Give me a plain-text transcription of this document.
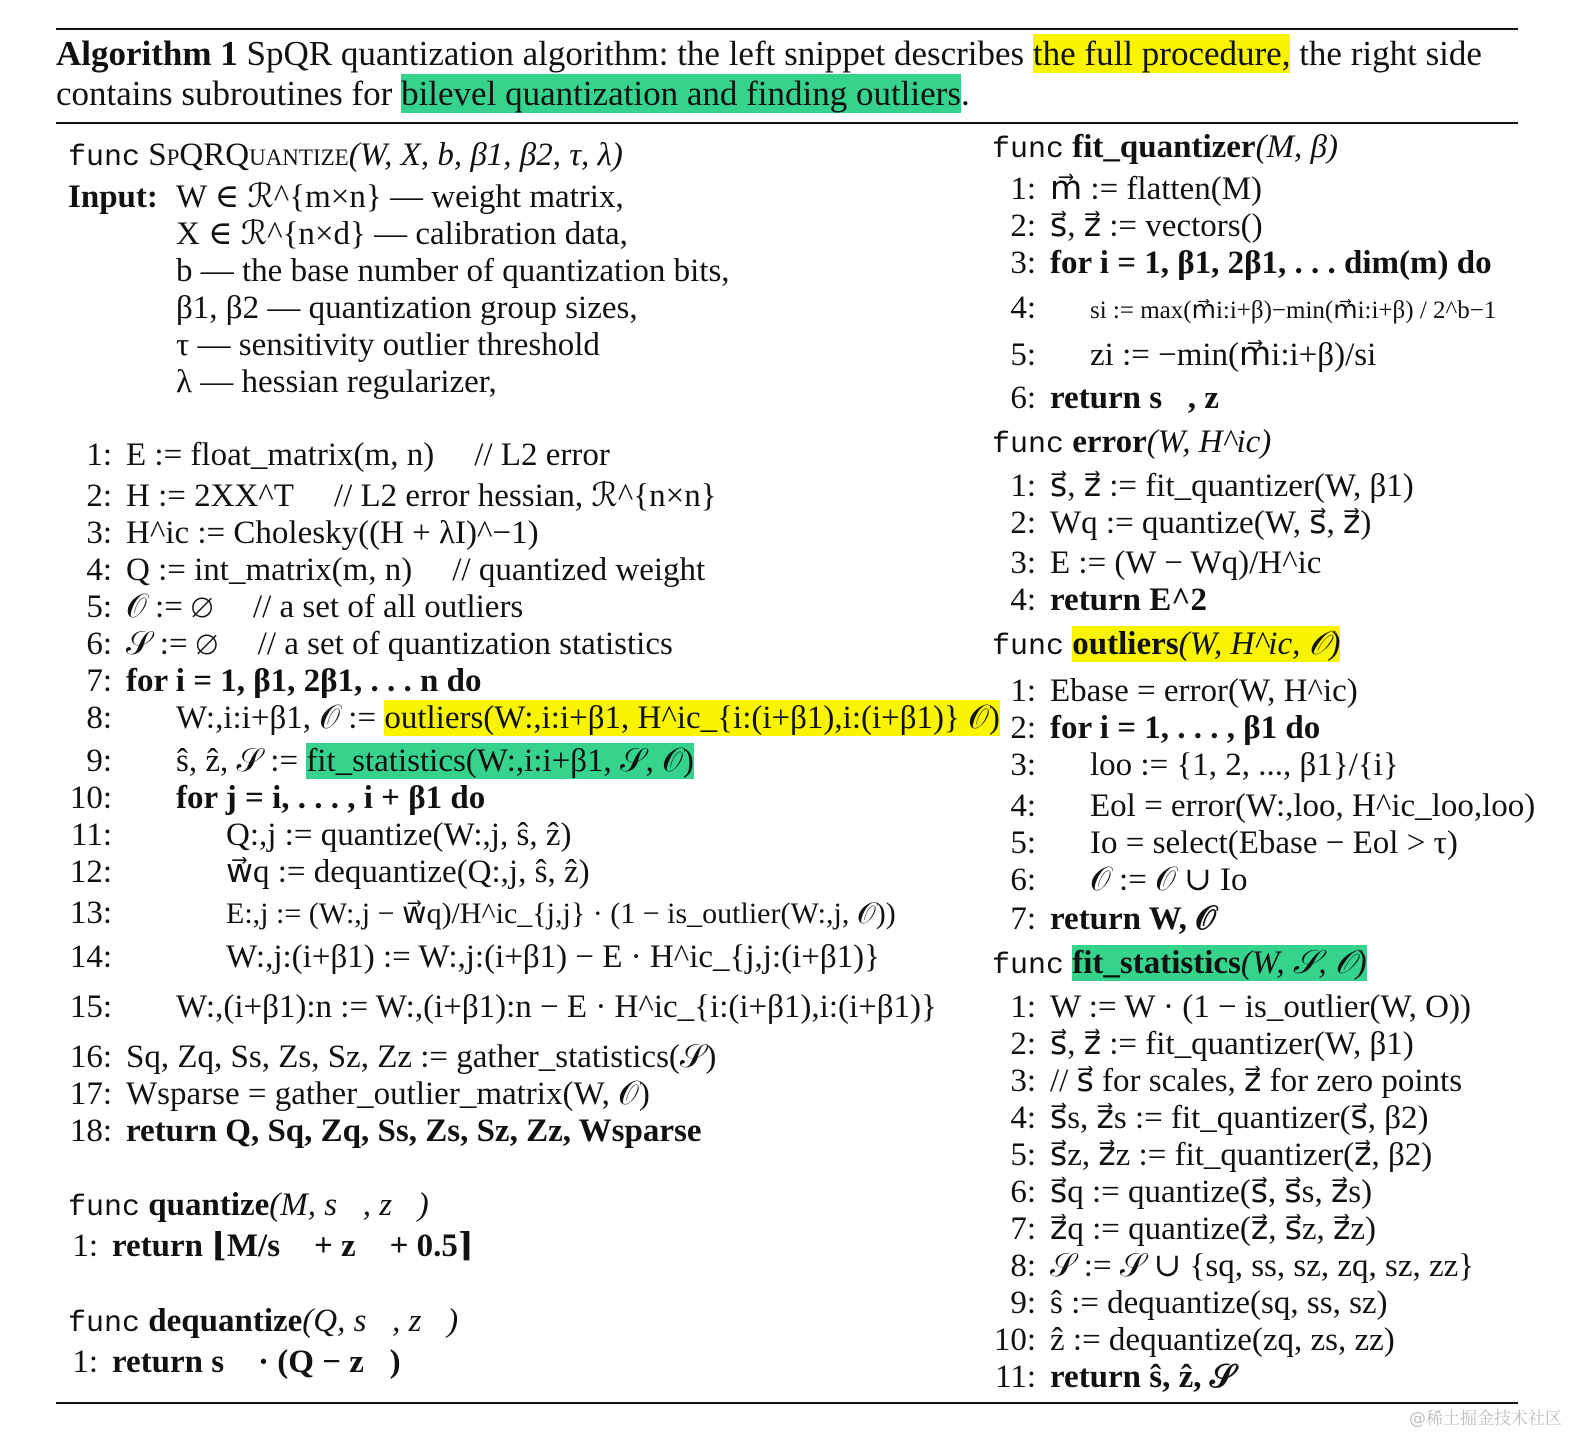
Algorithm 1 SpQR quantization algorithm: the left snippet describes the full procedure, the right side contains subroutines for bilevel quantization and finding outliers.
func SpQRQuantize(W, X, b, β1, β2, τ, λ)
Input: W ∈ ℛ^{m×n} — weight matrix,
X ∈ ℛ^{n×d} — calibration data,
b — the base number of quantization bits,
β1, β2 — quantization group sizes,
τ — sensitivity outlier threshold
λ — hessian regularizer,
1: E := float_matrix(m, n) // L2 error
2: H := 2XX^T // L2 error hessian, ℛ^{n×n}
3: H^ic := Cholesky((H + λI)^−1)
4: Q := int_matrix(m, n) // quantized weight
5: 𝒪 := ∅ // a set of all outliers
6: 𝒮 := ∅ // a set of quantization statistics
7: for i = 1, β1, 2β1, . . . n do
8: W:,i:i+β1, 𝒪 := outliers(W:,i:i+β1, H^ic_{i:(i+β1),i:(i+β1)} 𝒪)
9: ŝ, ẑ, 𝒮 := fit_statistics(W:,i:i+β1, 𝒮, 𝒪)
10: for j = i, . . . , i + β1 do
11:	Q:,j := quantize(W:,j, ŝ, ẑ)
12:	w⃗q := dequantize(Q:,j, ŝ, ẑ)
13:	E:,j := (W:,j − w⃗q)/H^ic_{j,j} · (1 − is_outlier(W:,j, 𝒪))
14:	W:,j:(i+β1) := W:,j:(i+β1) − E · H^ic_{j,j:(i+β1)}
15: W:,(i+β1):n := W:,(i+β1):n − E · H^ic_{i:(i+β1),i:(i+β1)}
16: Sq, Zq, Ss, Zs, Sz, Zz := gather_statistics(𝒮)
17: Wsparse = gather_outlier_matrix(W, 𝒪)
18: return Q, Sq, Zq, Ss, Zs, Sz, Zz, Wsparse
func quantize(M, s⃗, z⃗)
1: return ⌊M/s⃗ + z⃗ + 0.5⌉
func dequantize(Q, s⃗, z⃗)
1: return s⃗ · (Q − z⃗)
func fit_quantizer(M, β)
1: m⃗ := flatten(M)
2: s⃗, z⃗ := vectors()
3: for i = 1, β1, 2β1, . . . dim(m) do
4: si := max(m⃗i:i+β)−min(m⃗i:i+β) / 2^b−1
5: zi := −min(m⃗i:i+β)/si
6: return s⃗, z⃗
func error(W, H^ic)
1: s⃗, z⃗ := fit_quantizer(W, β1)
2: Wq := quantize(W, s⃗, z⃗)
3: E := (W − Wq)/H^ic
4: return E^2
func outliers(W, H^ic, 𝒪)
1: Ebase = error(W, H^ic)
2: for i = 1, . . . , β1 do
3: loo := {1, 2, ..., β1}/{i}
4: Eol = error(W:,loo, H^ic_loo,loo)
5: Io = select(Ebase − Eol > τ)
6: 𝒪 := 𝒪 ∪ Io
7: return W, 𝒪
func fit_statistics(W, 𝒮, 𝒪)
1: W := W · (1 − is_outlier(W, O))
2: s⃗, z⃗ := fit_quantizer(W, β1)
3: // s⃗ for scales, z⃗ for zero points
4: s⃗s, z⃗s := fit_quantizer(s⃗, β2)
5: s⃗z, z⃗z := fit_quantizer(z⃗, β2)
6: s⃗q := quantize(s⃗, s⃗s, z⃗s)
7: z⃗q := quantize(z⃗, s⃗z, z⃗z)
8: 𝒮 := 𝒮 ∪ {sq, ss, sz, zq, sz, zz}
9: ŝ := dequantize(sq, ss, sz)
10: ẑ := dequantize(zq, zs, zz)
11: return ŝ, ẑ, 𝒮
@稀土掘金技术社区
